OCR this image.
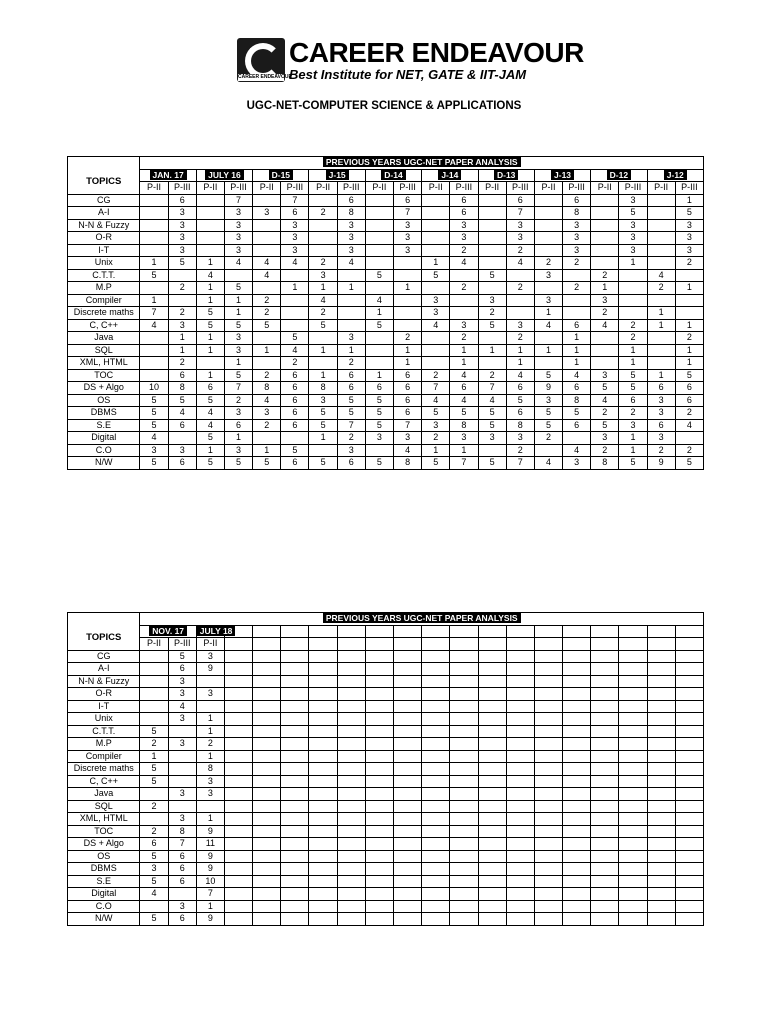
CAREER ENDEAVOUR
CAREER ENDEAVOUR
Best Institute for NET, GATE & IIT-JAM
UGC-NET-COMPUTER SCIENCE & APPLICATIONS
	PREVIOUS YEARS UGC-NET PAPER ANALYSIS																			
TOPICS	JAN. 17		JULY 16		D-15		J-15		D-14		J-14		D-13		J-13		D-12		J-12	
	P-II	P-III	P-II	P-III	P-II	P-III	P-II	P-III	P-II	P-III	P-II	P-III	P-II	P-III	P-II	P-III	P-II	P-III	P-II	P-III
CG		6		7		7		6		6		6		6		6		3		1
A-I		3		3	3	6	2	8		7		6		7		8		5		5
N-N & Fuzzy		3		3		3		3		3		3		3		3		3		3
O-R		3		3		3		3		3		3		3		3		3		3
I-T		3		3		3		3		3		2		2		3		3		3
Unix	1	5	1	4	4	4	2	4			1	4		4	2	2		1		2
C.T.T.	5		4		4		3		5		5		5		3		2		4	
M.P		2	1	5		1	1	1		1		2		2		2	1		2	1
Compiler	1		1	1	2		4		4		3		3		3		3			
Discrete maths	7	2	5	1	2		2		1		3		2		1		2		1	
C, C++	4	3	5	5	5		5		5		4	3	5	3	4	6	4	2	1	1
Java		1	1	3		5		3		2		2		2		1		2		2
SQL		1	1	3	1	4	1	1		1		1	1	1	1	1		1		1
XML, HTML		2		1		2		2		1		1		1		1		1		1
TOC		6	1	5	2	6	1	6	1	6	2	4	2	4	5	4	3	5	1	5
DS + Algo	10	8	6	7	8	6	8	6	6	6	7	6	7	6	9	6	5	5	6	6
OS	5	5	5	2	4	6	3	5	5	6	4	4	4	5	3	8	4	6	3	6
DBMS	5	4	4	3	3	6	5	5	5	6	5	5	5	6	5	5	2	2	3	2
S.E	5	6	4	6	2	6	5	7	5	7	3	8	5	8	5	6	5	3	6	4
Digital	4		5	1			1	2	3	3	2	3	3	3	2		3	1	3	
C.O	3	3	1	3	1	5		3		4	1	1		2		4	2	1	2	2
N/W	5	6	5	5	5	6	5	6	5	8	5	7	5	7	4	3	8	5	9	5
	PREVIOUS YEARS UGC-NET PAPER ANALYSIS																			
TOPICS	NOV. 17		JULY 18																	
	P-II	P-III	P-II																	
CG		5	3																	
A-I		6	9																	
N-N & Fuzzy		3																		
O-R		3	3																	
I-T		4																		
Unix		3	1																	
C.T.T.	5		1																	
M.P	2	3	2																	
Compiler	1		1																	
Discrete maths	5		8																	
C, C++	5		3																	
Java		3	3																	
SQL	2																			
XML, HTML		3	1																	
TOC	2	8	9																	
DS + Algo	6	7	11																	
OS	5	6	9																	
DBMS	3	6	9																	
S.E	5	6	10																	
Digital	4		7																	
C.O		3	1																	
N/W	5	6	9																	
